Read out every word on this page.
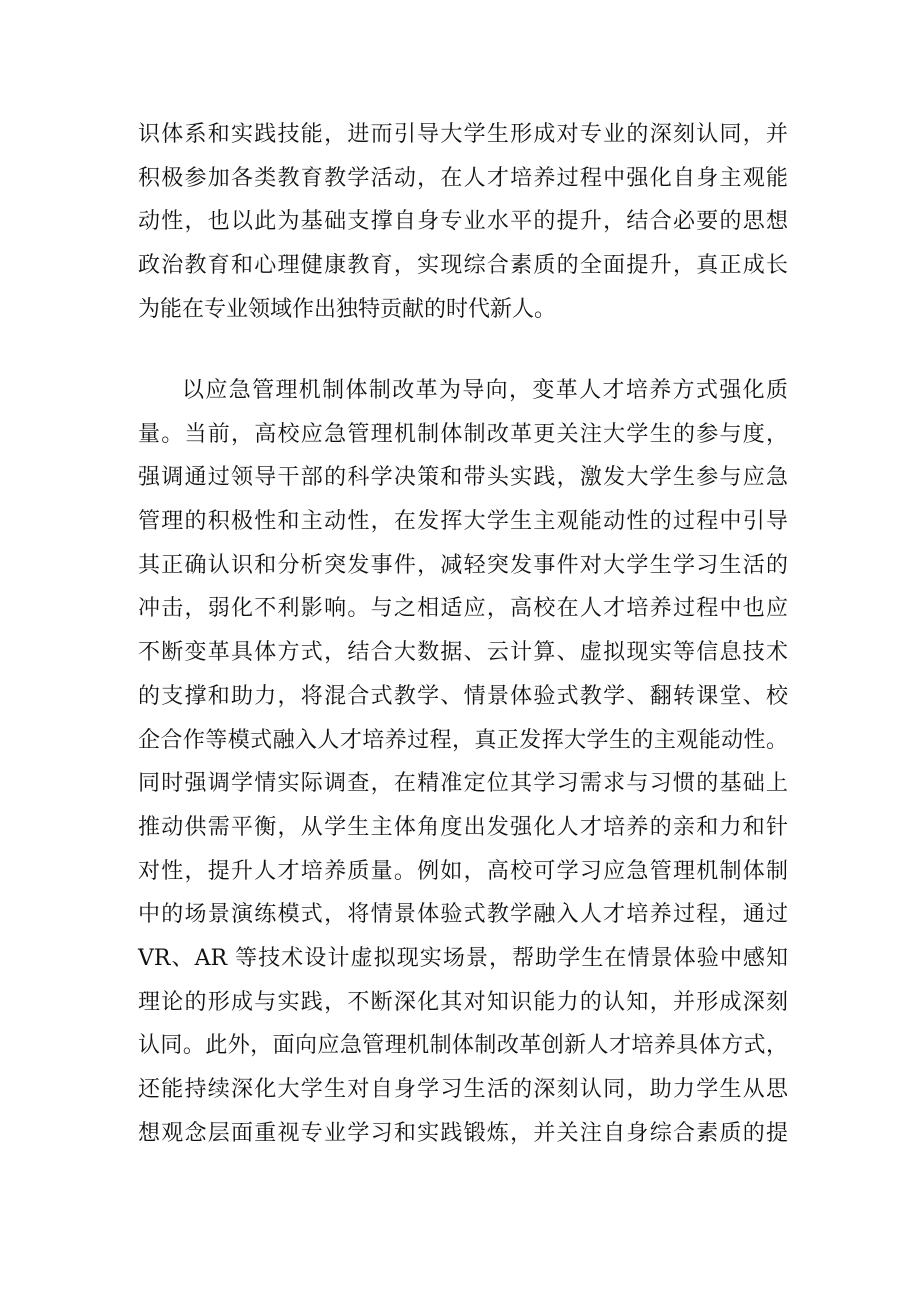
识体系和实践技能，进而引导大学生形成对专业的深刻认同，并
积极参加各类教育教学活动，在人才培养过程中强化自身主观能
动性，也以此为基础支撑自身专业水平的提升，结合必要的思想
政治教育和心理健康教育，实现综合素质的全面提升，真正成长
为能在专业领域作出独特贡献的时代新人。
以应急管理机制体制改革为导向，变革人才培养方式强化质
量。当前，高校应急管理机制体制改革更关注大学生的参与度，
强调通过领导干部的科学决策和带头实践，激发大学生参与应急
管理的积极性和主动性，在发挥大学生主观能动性的过程中引导
其正确认识和分析突发事件，减轻突发事件对大学生学习生活的
冲击，弱化不利影响。与之相适应，高校在人才培养过程中也应
不断变革具体方式，结合大数据、云计算、虚拟现实等信息技术
的支撑和助力，将混合式教学、情景体验式教学、翻转课堂、校
企合作等模式融入人才培养过程，真正发挥大学生的主观能动性。
同时强调学情实际调查，在精准定位其学习需求与习惯的基础上
推动供需平衡，从学生主体角度出发强化人才培养的亲和力和针
对性，提升人才培养质量。例如，高校可学习应急管理机制体制
中的场景演练模式，将情景体验式教学融入人才培养过程，通过
VR、AR 等技术设计虚拟现实场景，帮助学生在情景体验中感知
理论的形成与实践，不断深化其对知识能力的认知，并形成深刻
认同。此外，面向应急管理机制体制改革创新人才培养具体方式，
还能持续深化大学生对自身学习生活的深刻认同，助力学生从思
想观念层面重视专业学习和实践锻炼，并关注自身综合素质的提
